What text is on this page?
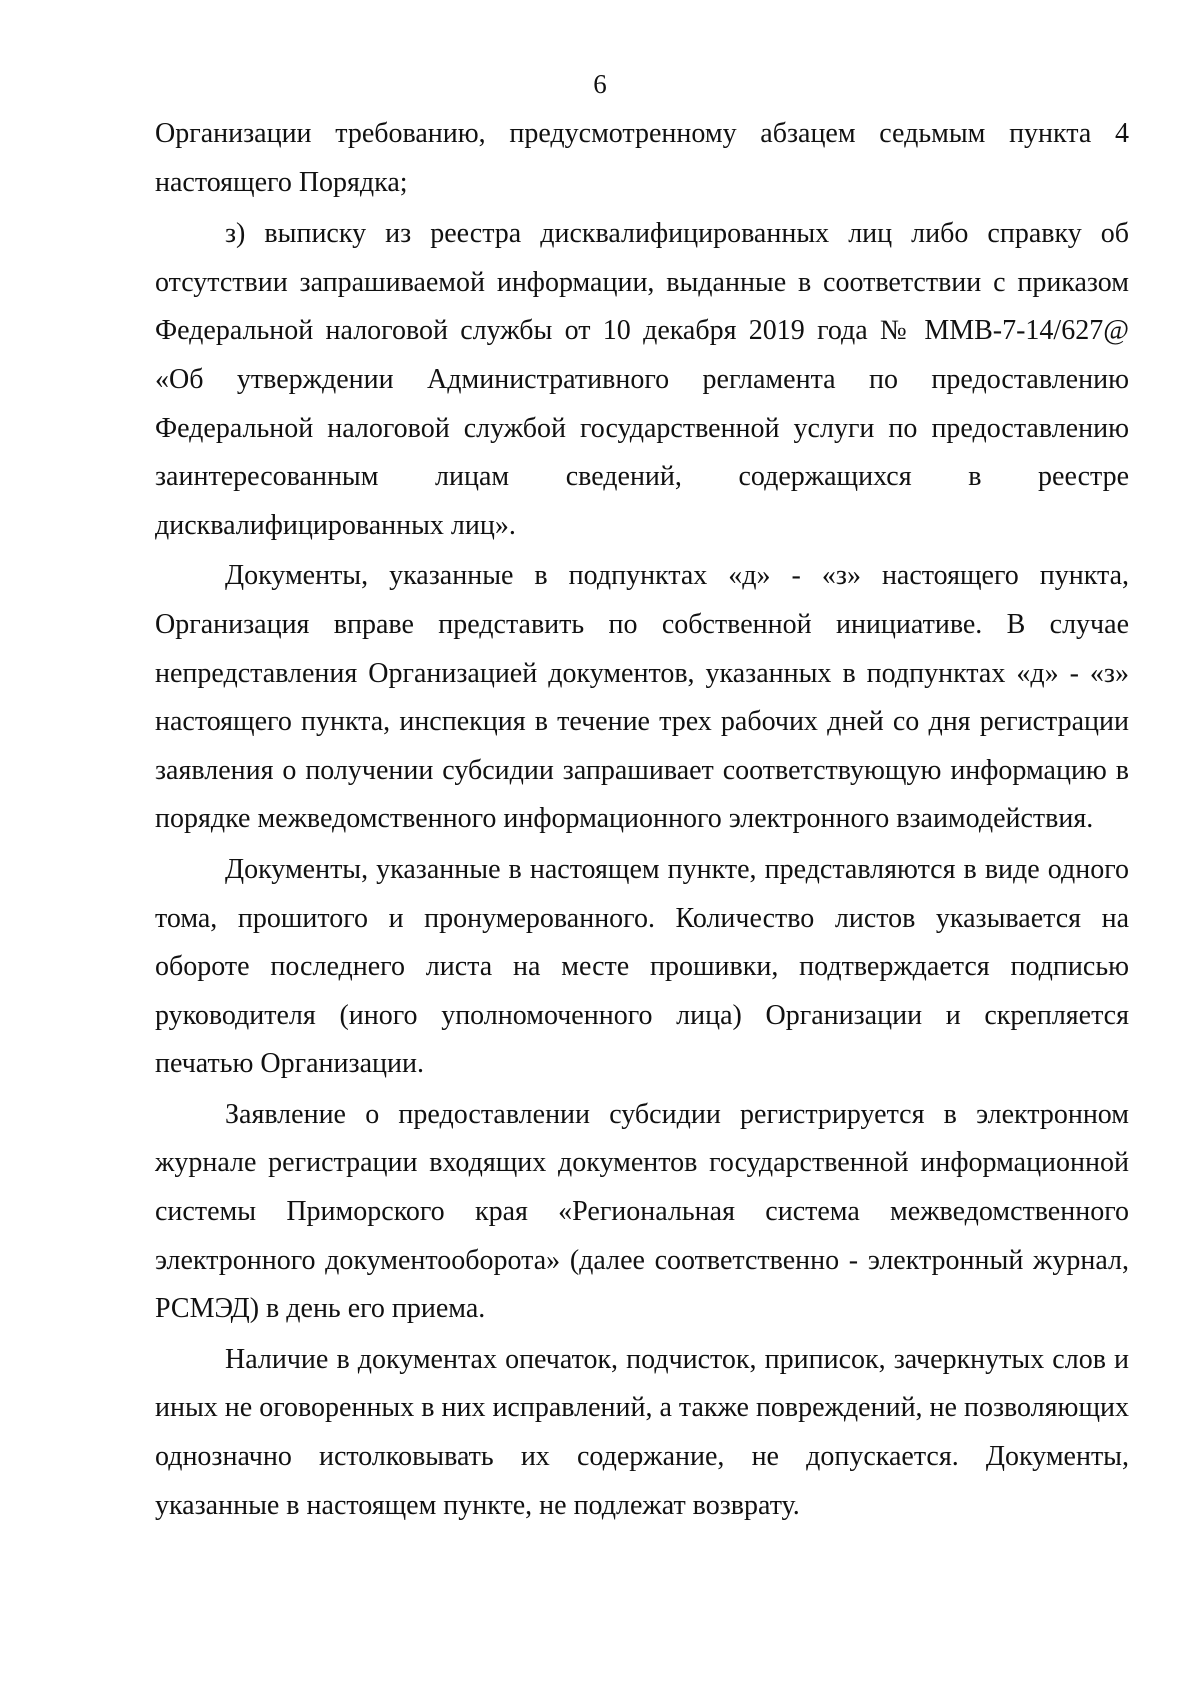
6

Организации требованию, предусмотренному абзацем седьмым пункта 4 настоящего Порядка;

з) выписку из реестра дисквалифицированных лиц либо справку об отсутствии запрашиваемой информации, выданные в соответствии с приказом Федеральной налоговой службы от 10 декабря 2019 года № ММВ-7-14/627@ «Об утверждении Административного регламента по предоставлению Федеральной налоговой службой государственной услуги по предоставлению заинтересованным лицам сведений, содержащихся в реестре дисквалифицированных лиц».

Документы, указанные в подпунктах «д» - «з» настоящего пункта, Организация вправе представить по собственной инициативе. В случае непредставления Организацией документов, указанных в подпунктах «д» - «з» настоящего пункта, инспекция в течение трех рабочих дней со дня регистрации заявления о получении субсидии запрашивает соответствующую информацию в порядке межведомственного информационного электронного взаимодействия.

Документы, указанные в настоящем пункте, представляются в виде одного тома, прошитого и пронумерованного. Количество листов указывается на обороте последнего листа на месте прошивки, подтверждается подписью руководителя (иного уполномоченного лица) Организации и скрепляется печатью Организации.

Заявление о предоставлении субсидии регистрируется в электронном журнале регистрации входящих документов государственной информационной системы Приморского края «Региональная система межведомственного электронного документооборота» (далее соответственно - электронный журнал, РСМЭД) в день его приема.

Наличие в документах опечаток, подчисток, приписок, зачеркнутых слов и иных не оговоренных в них исправлений, а также повреждений, не позволяющих однозначно истолковывать их содержание, не допускается. Документы, указанные в настоящем пункте, не подлежат возврату.
